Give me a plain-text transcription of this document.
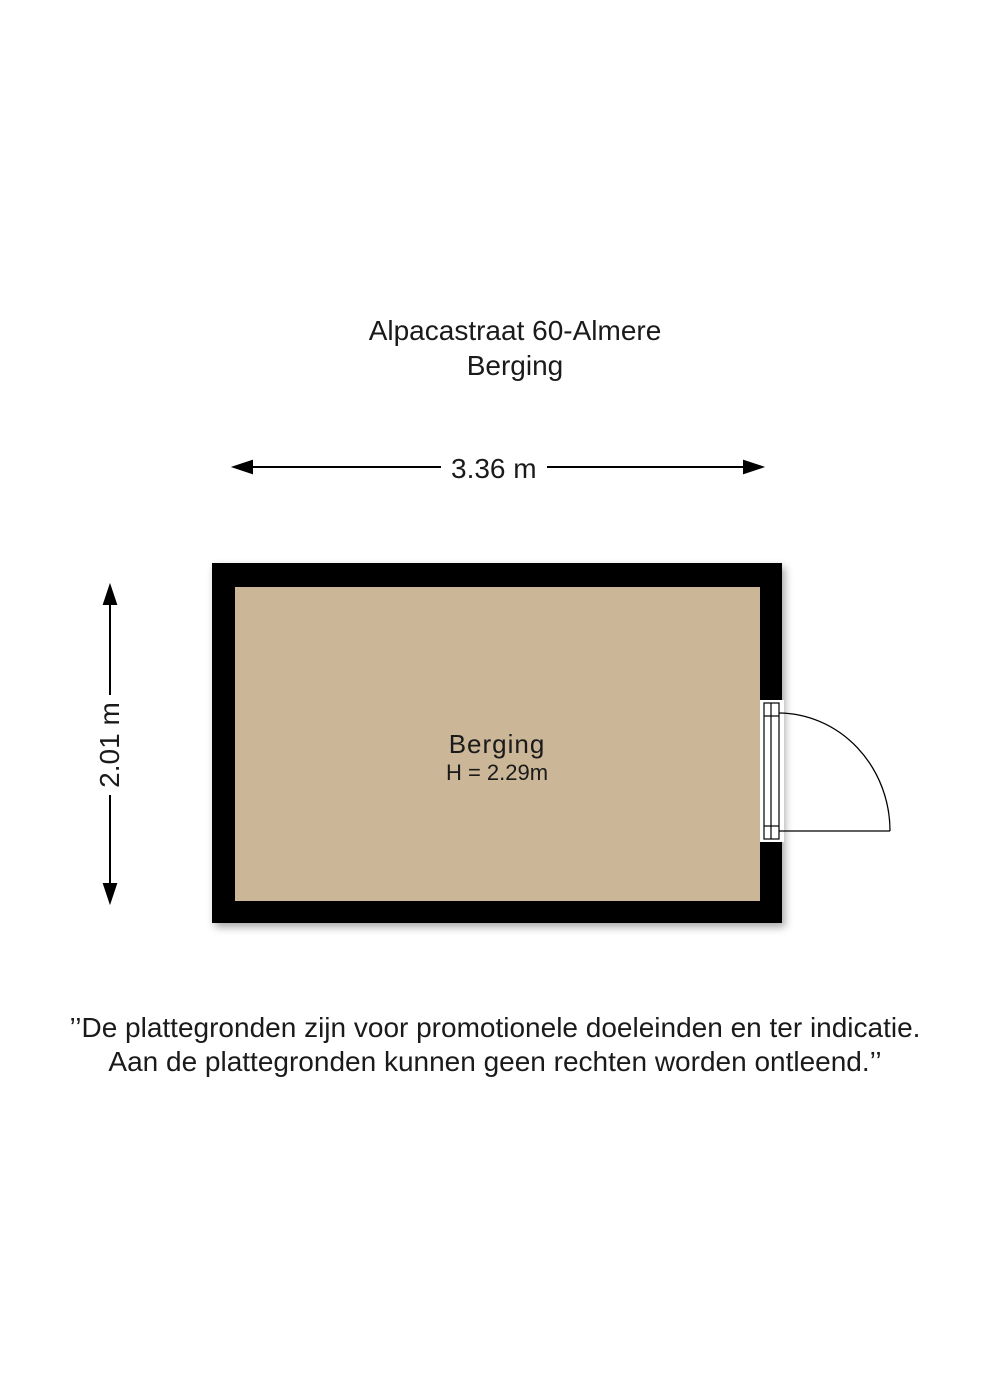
Alpacastraat 60-Almere
Berging
3.36 m
2.01 m	Berging
H = 2.29m
’’De plattegronden zijn voor promotionele doeleinden en ter indicatie.
Aan de plattegronden kunnen geen rechten worden ontleend.’’
